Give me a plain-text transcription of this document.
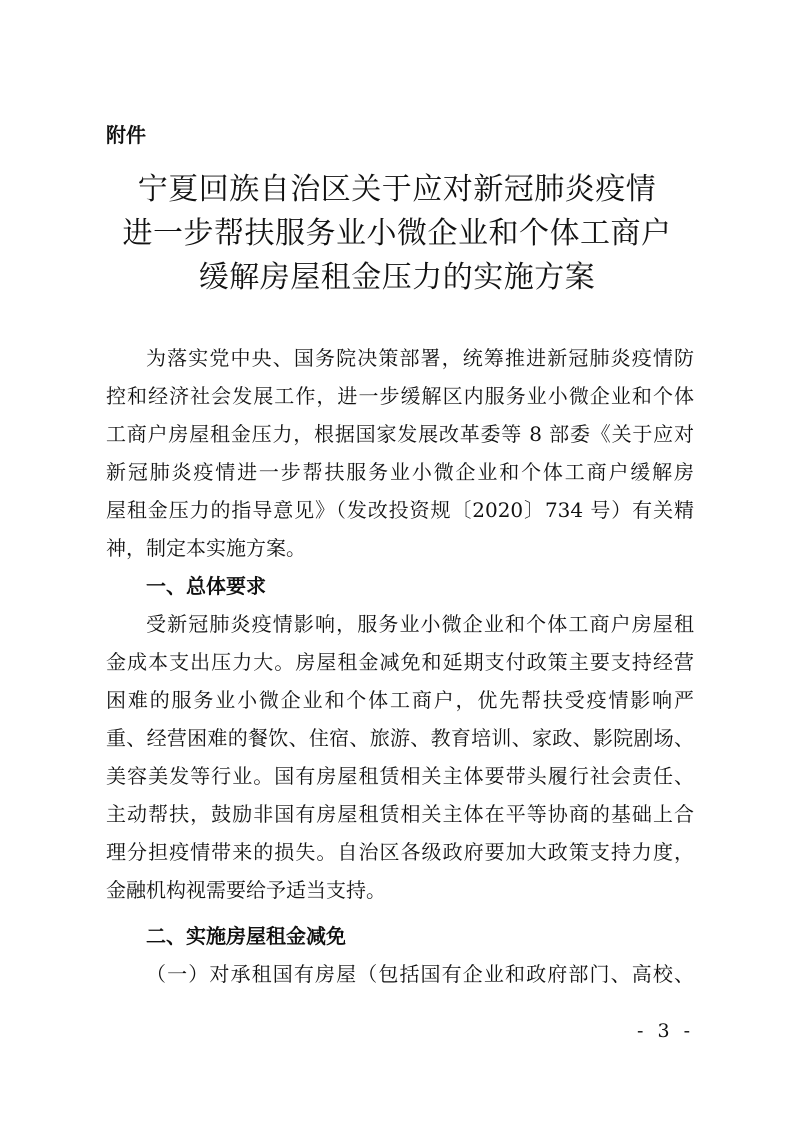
附件
宁夏回族自治区关于应对新冠肺炎疫情
进一步帮扶服务业小微企业和个体工商户
缓解房屋租金压力的实施方案
为落实党中央、国务院决策部署，统筹推进新冠肺炎疫情防
控和经济社会发展工作，进一步缓解区内服务业小微企业和个体
工商户房屋租金压力，根据国家发展改革委等 8 部委《关于应对
新冠肺炎疫情进一步帮扶服务业小微企业和个体工商户缓解房
屋租金压力的指导意见》（发改投资规〔2020〕734 号）有关精
神，制定本实施方案。
一、总体要求
受新冠肺炎疫情影响，服务业小微企业和个体工商户房屋租
金成本支出压力大。房屋租金减免和延期支付政策主要支持经营
困难的服务业小微企业和个体工商户，优先帮扶受疫情影响严
重、经营困难的餐饮、住宿、旅游、教育培训、家政、影院剧场、
美容美发等行业。国有房屋租赁相关主体要带头履行社会责任、
主动帮扶，鼓励非国有房屋租赁相关主体在平等协商的基础上合
理分担疫情带来的损失。自治区各级政府要加大政策支持力度，
金融机构视需要给予适当支持。
二、实施房屋租金减免
（一）对承租国有房屋（包括国有企业和政府部门、高校、
- 3 -
